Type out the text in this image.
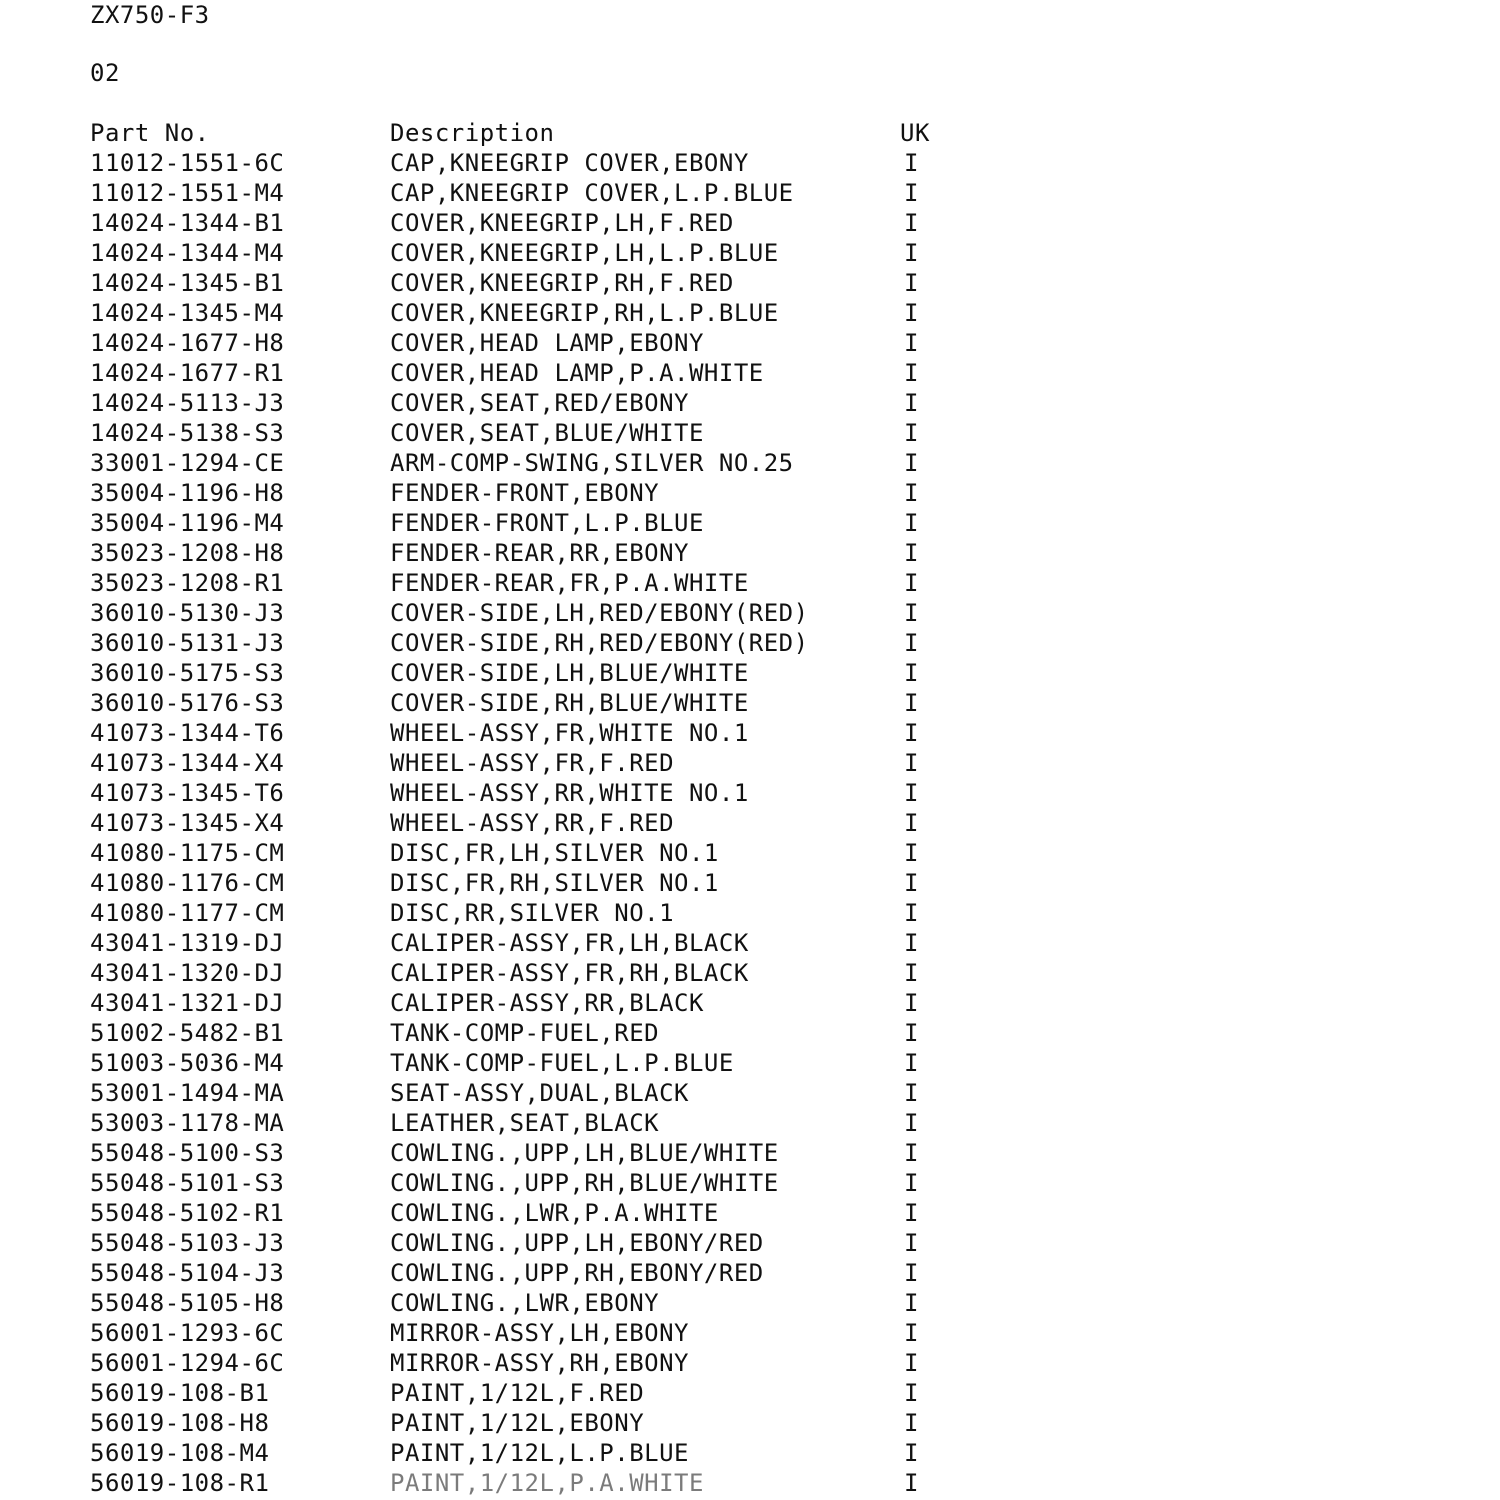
ZX750-F3
02
Part No.	Description	UK
11012-1551-6C	CAP,KNEEGRIP COVER,EBONY	I
11012-1551-M4	CAP,KNEEGRIP COVER,L.P.BLUE	I
14024-1344-B1	COVER,KNEEGRIP,LH,F.RED	I
14024-1344-M4	COVER,KNEEGRIP,LH,L.P.BLUE	I
14024-1345-B1	COVER,KNEEGRIP,RH,F.RED	I
14024-1345-M4	COVER,KNEEGRIP,RH,L.P.BLUE	I
14024-1677-H8	COVER,HEAD LAMP,EBONY	I
14024-1677-R1	COVER,HEAD LAMP,P.A.WHITE	I
14024-5113-J3	COVER,SEAT,RED/EBONY	I
14024-5138-S3	COVER,SEAT,BLUE/WHITE	I
33001-1294-CE	ARM-COMP-SWING,SILVER NO.25	I
35004-1196-H8	FENDER-FRONT,EBONY	I
35004-1196-M4	FENDER-FRONT,L.P.BLUE	I
35023-1208-H8	FENDER-REAR,RR,EBONY	I
35023-1208-R1	FENDER-REAR,FR,P.A.WHITE	I
36010-5130-J3	COVER-SIDE,LH,RED/EBONY(RED)	I
36010-5131-J3	COVER-SIDE,RH,RED/EBONY(RED)	I
36010-5175-S3	COVER-SIDE,LH,BLUE/WHITE	I
36010-5176-S3	COVER-SIDE,RH,BLUE/WHITE	I
41073-1344-T6	WHEEL-ASSY,FR,WHITE NO.1	I
41073-1344-X4	WHEEL-ASSY,FR,F.RED	I
41073-1345-T6	WHEEL-ASSY,RR,WHITE NO.1	I
41073-1345-X4	WHEEL-ASSY,RR,F.RED	I
41080-1175-CM	DISC,FR,LH,SILVER NO.1	I
41080-1176-CM	DISC,FR,RH,SILVER NO.1	I
41080-1177-CM	DISC,RR,SILVER NO.1	I
43041-1319-DJ	CALIPER-ASSY,FR,LH,BLACK	I
43041-1320-DJ	CALIPER-ASSY,FR,RH,BLACK	I
43041-1321-DJ	CALIPER-ASSY,RR,BLACK	I
51002-5482-B1	TANK-COMP-FUEL,RED	I
51003-5036-M4	TANK-COMP-FUEL,L.P.BLUE	I
53001-1494-MA	SEAT-ASSY,DUAL,BLACK	I
53003-1178-MA	LEATHER,SEAT,BLACK	I
55048-5100-S3	COWLING.,UPP,LH,BLUE/WHITE	I
55048-5101-S3	COWLING.,UPP,RH,BLUE/WHITE	I
55048-5102-R1	COWLING.,LWR,P.A.WHITE	I
55048-5103-J3	COWLING.,UPP,LH,EBONY/RED	I
55048-5104-J3	COWLING.,UPP,RH,EBONY/RED	I
55048-5105-H8	COWLING.,LWR,EBONY	I
56001-1293-6C	MIRROR-ASSY,LH,EBONY	I
56001-1294-6C	MIRROR-ASSY,RH,EBONY	I
56019-108-B1	PAINT,1/12L,F.RED	I
56019-108-H8	PAINT,1/12L,EBONY	I
56019-108-M4	PAINT,1/12L,L.P.BLUE	I
56019-108-R1	PAINT,1/12L,P.A.WHITE	I
